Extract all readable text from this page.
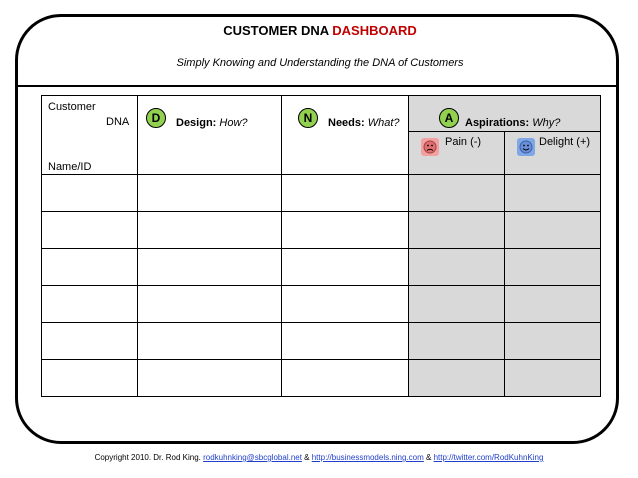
CUSTOMER DNA DASHBOARD
Simply Knowing and Understanding the DNA of Customers
Customer
DNA
Name/ID	D Design: How?	N Needs: What?	A Aspirations: Why?	

			Pain (-)	Delight (+)

Copyright 2010. Dr. Rod King. rodkuhnking@sbcglobal.net & http://businessmodels.ning.com & http://twitter.com/RodKuhnKing
